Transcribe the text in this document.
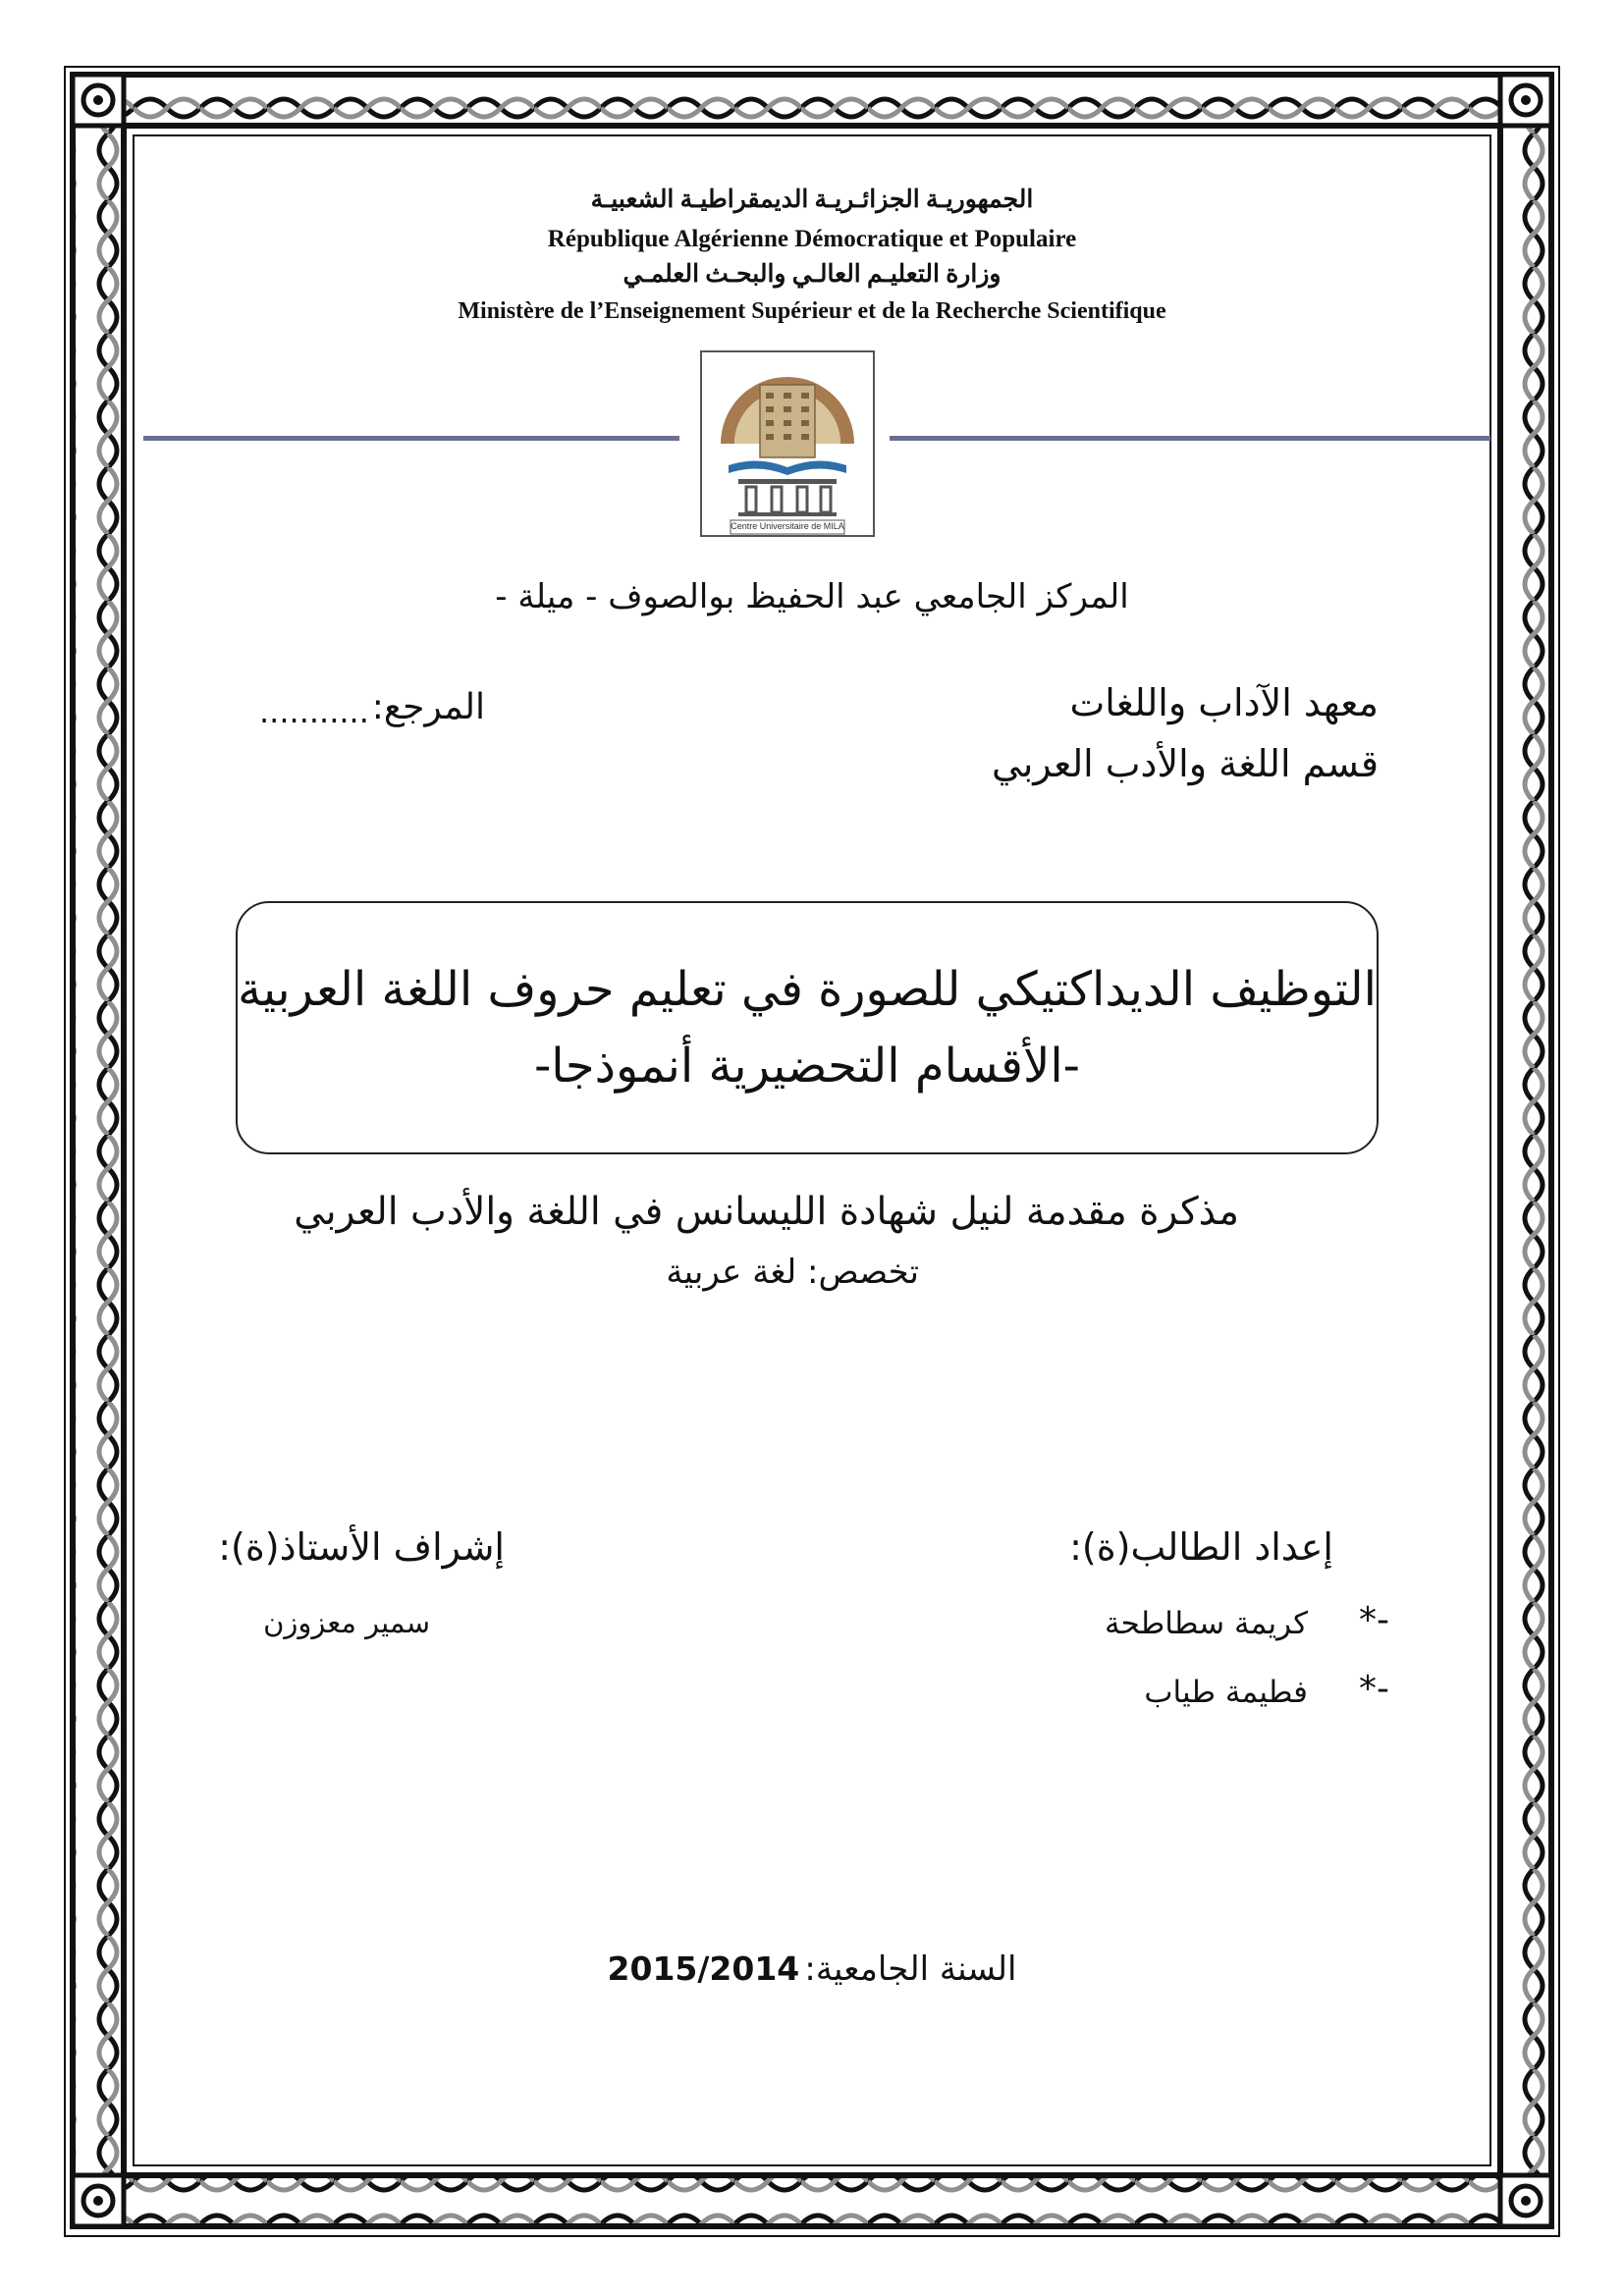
الجمهوريـة الجزائـريـة الديمقراطيـة الشعبيـة
République Algérienne Démocratique et Populaire
وزارة التعليـم العالـي والبحـث العلمـي
Ministère de l’Enseignement Supérieur et de la Recherche Scientifique
Centre Universitaire de MILA
المركز الجامعي عبد الحفيظ بوالصوف - ميلة -
معهد الآداب واللغات
قسم اللغة والأدب العربي
المرجع:
...........
التوظيف الديداكتيكي للصورة في تعليم حروف اللغة العربية
-الأقسام التحضيرية أنموذجا-
مذكرة مقدمة لنيل شهادة الليسانس في اللغة والأدب العربي
تخصص: لغة عربية
إعداد الطالب(ة):
*-
كريمة سطاطحة
*-
فطيمة طياب
إشراف الأستاذ(ة):
سمير معزوزن
السنة الجامعية: 2015/2014
